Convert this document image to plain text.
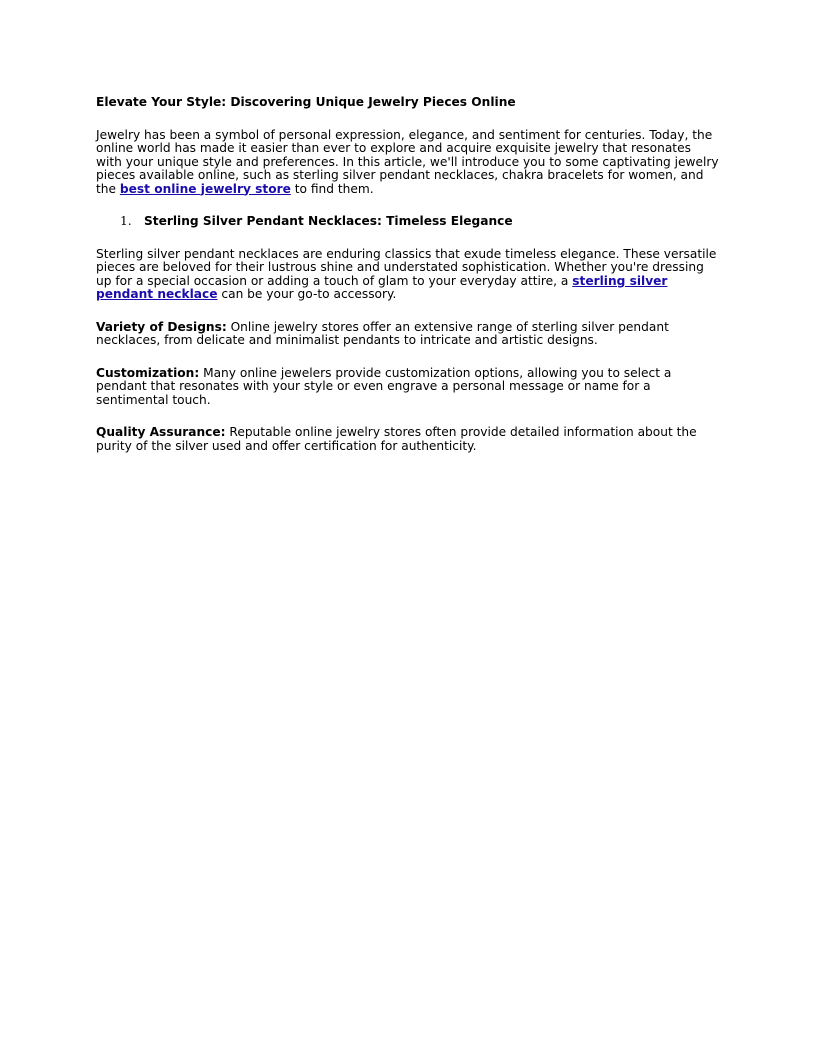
Elevate Your Style: Discovering Unique Jewelry Pieces Online

Jewelry has been a symbol of personal expression, elegance, and sentiment for centuries. Today, the online world has made it easier than ever to explore and acquire exquisite jewelry that resonates with your unique style and preferences. In this article, we'll introduce you to some captivating jewelry pieces available online, such as sterling silver pendant necklaces, chakra bracelets for women, and the best online jewelry store to find them.

1. Sterling Silver Pendant Necklaces: Timeless Elegance

Sterling silver pendant necklaces are enduring classics that exude timeless elegance. These versatile pieces are beloved for their lustrous shine and understated sophistication. Whether you're dressing up for a special occasion or adding a touch of glam to your everyday attire, a sterling silver pendant necklace can be your go-to accessory.

Variety of Designs: Online jewelry stores offer an extensive range of sterling silver pendant necklaces, from delicate and minimalist pendants to intricate and artistic designs.

Customization: Many online jewelers provide customization options, allowing you to select a pendant that resonates with your style or even engrave a personal message or name for a sentimental touch.

Quality Assurance: Reputable online jewelry stores often provide detailed information about the purity of the silver used and offer certification for authenticity.
